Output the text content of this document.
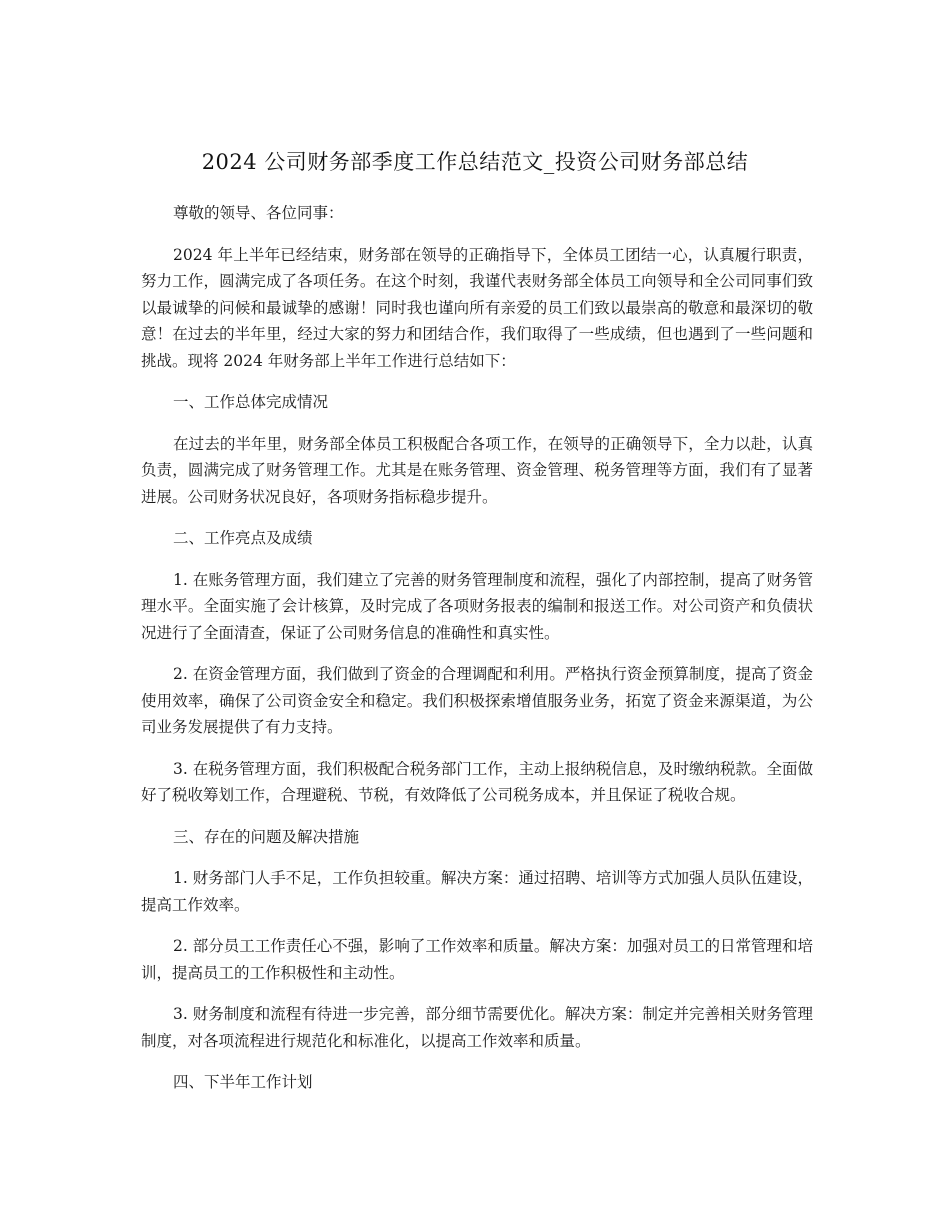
2024 公司财务部季度工作总结范文_投资公司财务部总结

尊敬的领导、各位同事：

2024 年上半年已经结束，财务部在领导的正确指导下，全体员工团结一心，认真履行职责，努力工作，圆满完成了各项任务。在这个时刻，我谨代表财务部全体员工向领导和全公司同事们致以最诚挚的问候和最诚挚的感谢！同时我也谨向所有亲爱的员工们致以最崇高的敬意和最深切的敬意！在过去的半年里，经过大家的努力和团结合作，我们取得了一些成绩，但也遇到了一些问题和挑战。现将 2024 年财务部上半年工作进行总结如下：

一、工作总体完成情况

在过去的半年里，财务部全体员工积极配合各项工作，在领导的正确领导下，全力以赴，认真负责，圆满完成了财务管理工作。尤其是在账务管理、资金管理、税务管理等方面，我们有了显著进展。公司财务状况良好，各项财务指标稳步提升。

二、工作亮点及成绩

1. 在账务管理方面，我们建立了完善的财务管理制度和流程，强化了内部控制，提高了财务管理水平。全面实施了会计核算，及时完成了各项财务报表的编制和报送工作。对公司资产和负债状况进行了全面清查，保证了公司财务信息的准确性和真实性。

2. 在资金管理方面，我们做到了资金的合理调配和利用。严格执行资金预算制度，提高了资金使用效率，确保了公司资金安全和稳定。我们积极探索增值服务业务，拓宽了资金来源渠道，为公司业务发展提供了有力支持。

3. 在税务管理方面，我们积极配合税务部门工作，主动上报纳税信息，及时缴纳税款。全面做好了税收筹划工作，合理避税、节税，有效降低了公司税务成本，并且保证了税收合规。

三、存在的问题及解决措施

1. 财务部门人手不足，工作负担较重。解决方案：通过招聘、培训等方式加强人员队伍建设，提高工作效率。

2. 部分员工工作责任心不强，影响了工作效率和质量。解决方案：加强对员工的日常管理和培训，提高员工的工作积极性和主动性。

3. 财务制度和流程有待进一步完善，部分细节需要优化。解决方案：制定并完善相关财务管理制度，对各项流程进行规范化和标准化，以提高工作效率和质量。

四、下半年工作计划
